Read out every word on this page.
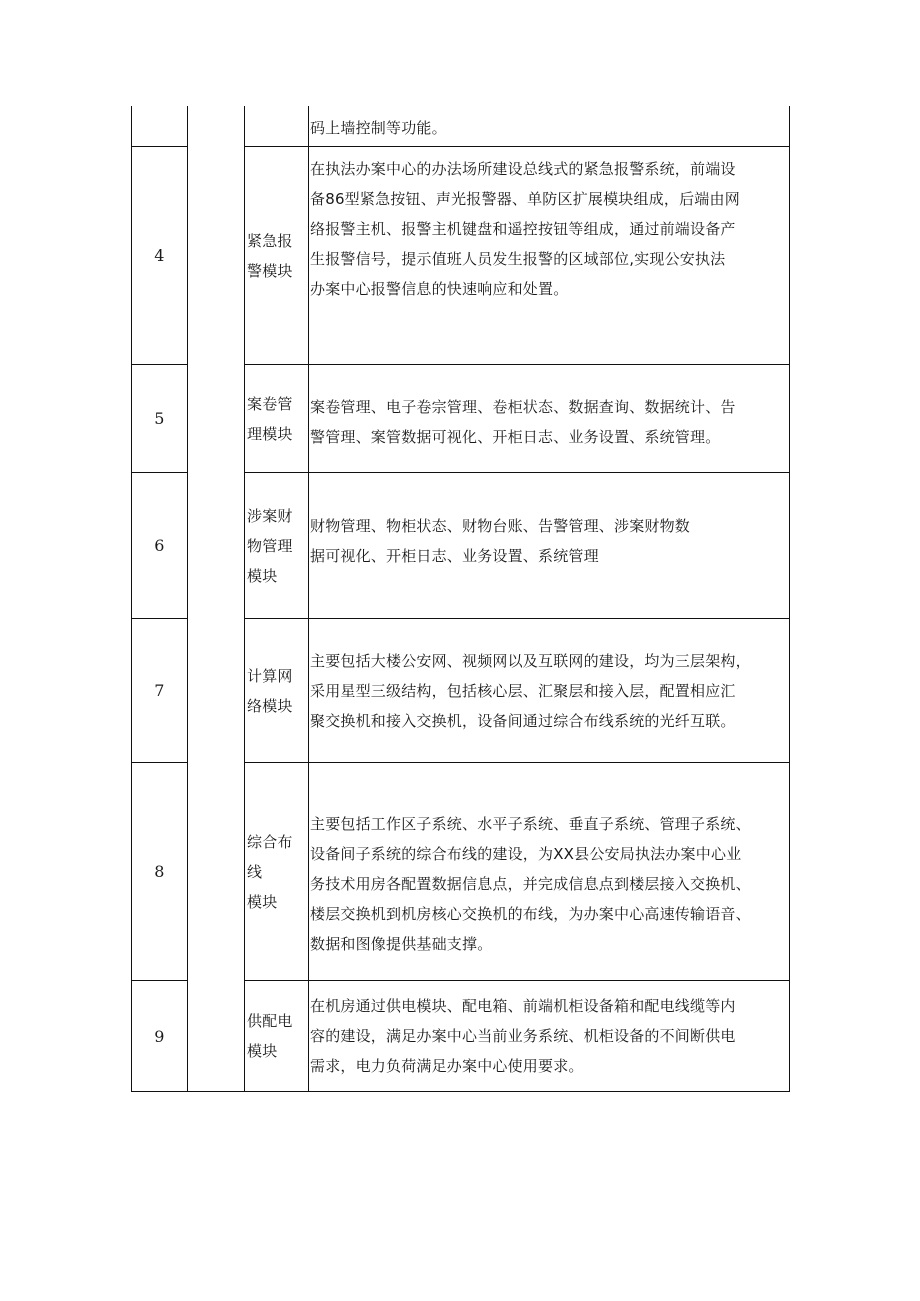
码上墙控制等功能。
4
紧急报
警模块
在执法办案中心的办法场所建设总线式的紧急报警系统，前端设
备86型紧急按钮、声光报警器、单防区扩展模块组成，后端由网
络报警主机、报警主机键盘和遥控按钮等组成，通过前端设备产
生报警信号，提示值班人员发生报警的区域部位,实现公安执法
办案中心报警信息的快速响应和处置。
5
案卷管
理模块
案卷管理、电子卷宗管理、卷柜状态、数据查询、数据统计、告
警管理、案管数据可视化、开柜日志、业务设置、系统管理。
6
涉案财
物管理
模块
财物管理、物柜状态、财物台账、告警管理、涉案财物数
据可视化、开柜日志、业务设置、系统管理
7
计算网
络模块
主要包括大楼公安网、视频网以及互联网的建设，均为三层架构，
采用星型三级结构，包括核心层、汇聚层和接入层，配置相应汇
聚交换机和接入交换机，设备间通过综合布线系统的光纤互联。
8
综合布
线
模块
主要包括工作区子系统、水平子系统、垂直子系统、管理子系统、
设备间子系统的综合布线的建设，为XX县公安局执法办案中心业
务技术用房各配置数据信息点，并完成信息点到楼层接入交换机、
楼层交换机到机房核心交换机的布线，为办案中心高速传输语音、
数据和图像提供基础支撑。
9
供配电
模块
在机房通过供电模块、配电箱、前端机柜设备箱和配电线缆等内
容的建设，满足办案中心当前业务系统、机柜设备的不间断供电
需求，电力负荷满足办案中心使用要求。
